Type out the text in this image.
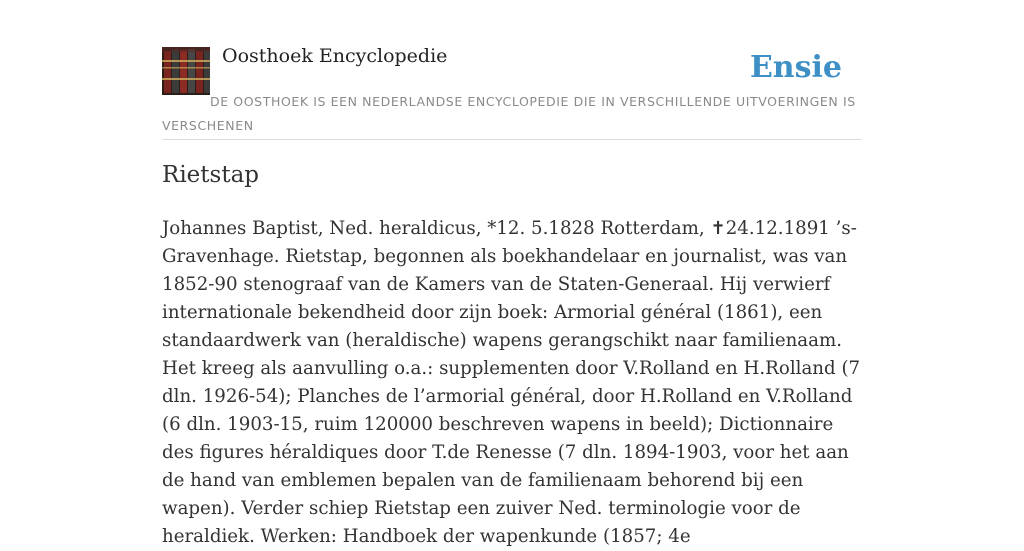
Oosthoek Encyclopedie	Ensie
DE OOSTHOEK IS EEN NEDERLANDSE ENCYCLOPEDIE DIE IN VERSCHILLENDE UITVOERINGEN IS VERSCHENEN
Rietstap

Johannes Baptist, Ned. heraldicus, *12. 5.1828 Rotterdam, ✝24.12.1891 ’s-Gravenhage. Rietstap, begonnen als boekhandelaar en journalist, was van 1852-90 stenograaf van de Kamers van de Staten-Generaal. Hij verwierf internationale bekendheid door zijn boek: Armorial général (1861), een standaardwerk van (heraldische) wapens gerangschikt naar familienaam. Het kreeg als aanvulling o.a.: supplementen door V.Rolland en H.Rolland (7 dln. 1926-54); Planches de l’armorial général, door H.Rolland en V.Rolland (6 dln. 1903-15, ruim 120000 beschreven wapens in beeld); Dictionnaire des figures héraldiques door T.de Renesse (7 dln. 1894-1903, voor het aan de hand van emblemen bepalen van de familienaam behorend bij een wapen). Verder schiep Rietstap een zuiver Ned. terminologie voor de heraldiek. Werken: Handboek der wapenkunde (1857; 4e
